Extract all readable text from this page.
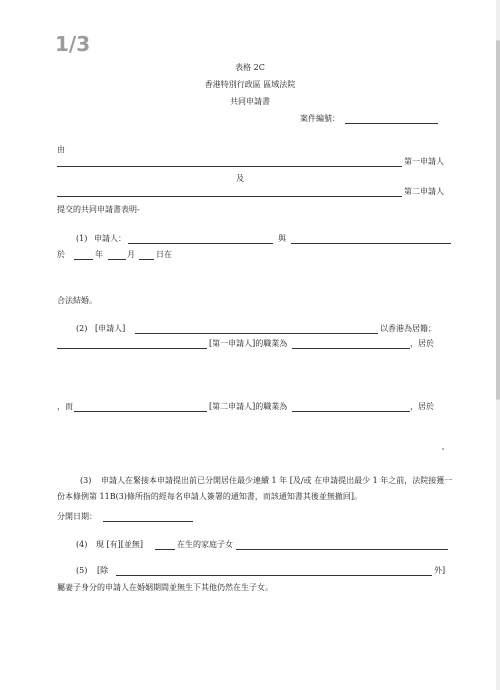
1/3
表格 2C
香港特別行政區 區域法院
共同申請書
案件編號：
由
第一申請人
及
第二申請人
提交的共同申請書表明-
(1) 申請人：	與
於	年	月	日在
合法結婚。
(2) [申請人]	以香港為居籍；
[第一申請人]的職業為	，居於
，而	[第二申請人]的職業為	，居於
(3) 申請人在緊接本申請提出前已分開居住最少連續 1 年 [及/或 在申請提出最少 1 年之前，法院接獲一
份本條例第 11B(3)條所指的經每名申請人簽署的通知書，而該通知書其後並無撤回]。
分開日期：
(4) 現 [有][並無]	在生的家庭子女
(5) [除	外]
屬妻子身分的申請人在婚姻期間並無生下其他仍然在生子女。
